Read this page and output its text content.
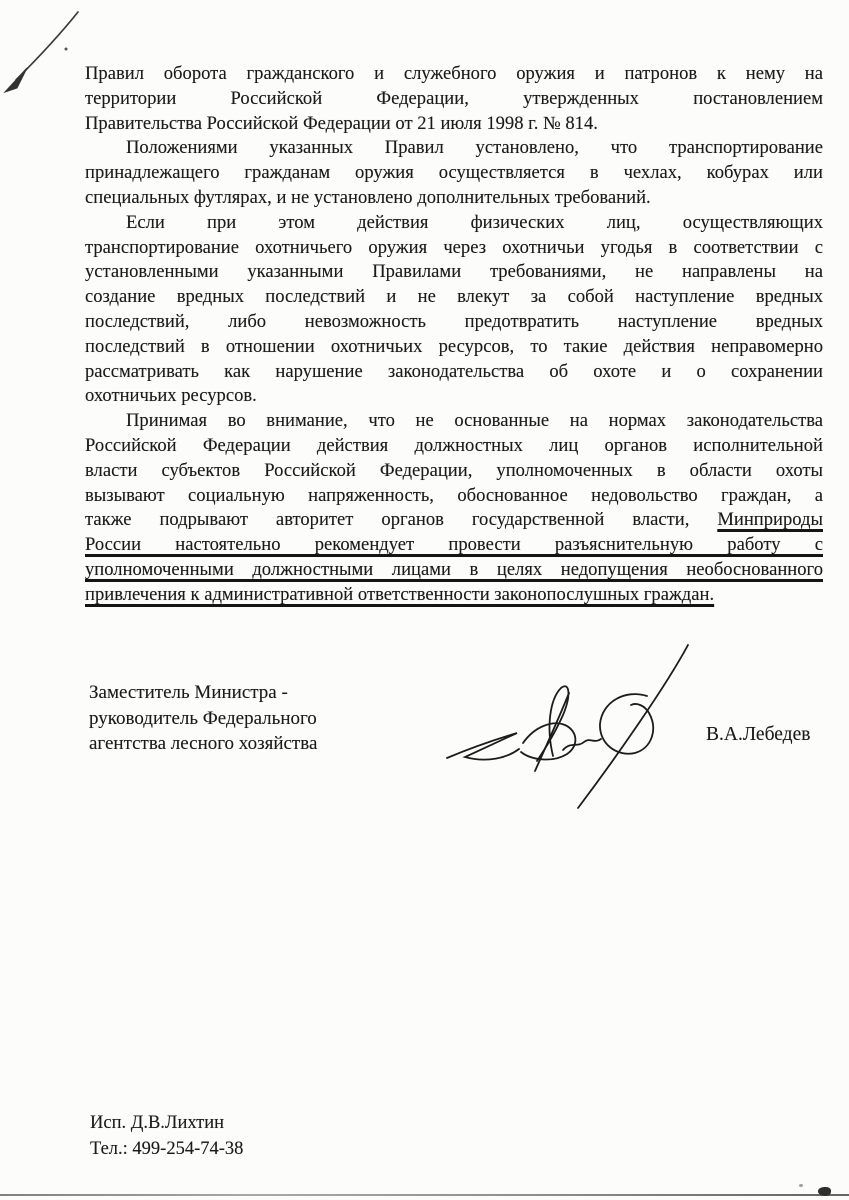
Правил оборота гражданского и служебного оружия и патронов к нему на
территории Российской Федерации, утвержденных постановлением
Правительства Российской Федерации от 21 июля 1998 г. № 814.
Положениями указанных Правил установлено, что транспортирование
принадлежащего гражданам оружия осуществляется в чехлах, кобурах или
специальных футлярах, и не установлено дополнительных требований.
Если при этом действия физических лиц, осуществляющих
транспортирование охотничьего оружия через охотничьи угодья в соответствии с
установленными указанными Правилами требованиями, не направлены на
создание вредных последствий и не влекут за собой наступление вредных
последствий, либо невозможность предотвратить наступление вредных
последствий в отношении охотничьих ресурсов, то такие действия неправомерно
рассматривать как нарушение законодательства об охоте и о сохранении
охотничьих ресурсов.
Принимая во внимание, что не основанные на нормах законодательства
Российской Федерации действия должностных лиц органов исполнительной
власти субъектов Российской Федерации, уполномоченных в области охоты
вызывают социальную напряженность, обоснованное недовольство граждан, а
также подрывают авторитет органов государственной власти, Минприроды
России настоятельно рекомендует провести разъяснительную работу с
уполномоченными должностными лицами в целях недопущения необоснованного
привлечения к административной ответственности законопослушных граждан.
Заместитель Министра -
руководитель Федерального
агентства лесного хозяйства	В.А.Лебедев
Исп. Д.В.Лихтин
Тел.: 499-254-74-38
